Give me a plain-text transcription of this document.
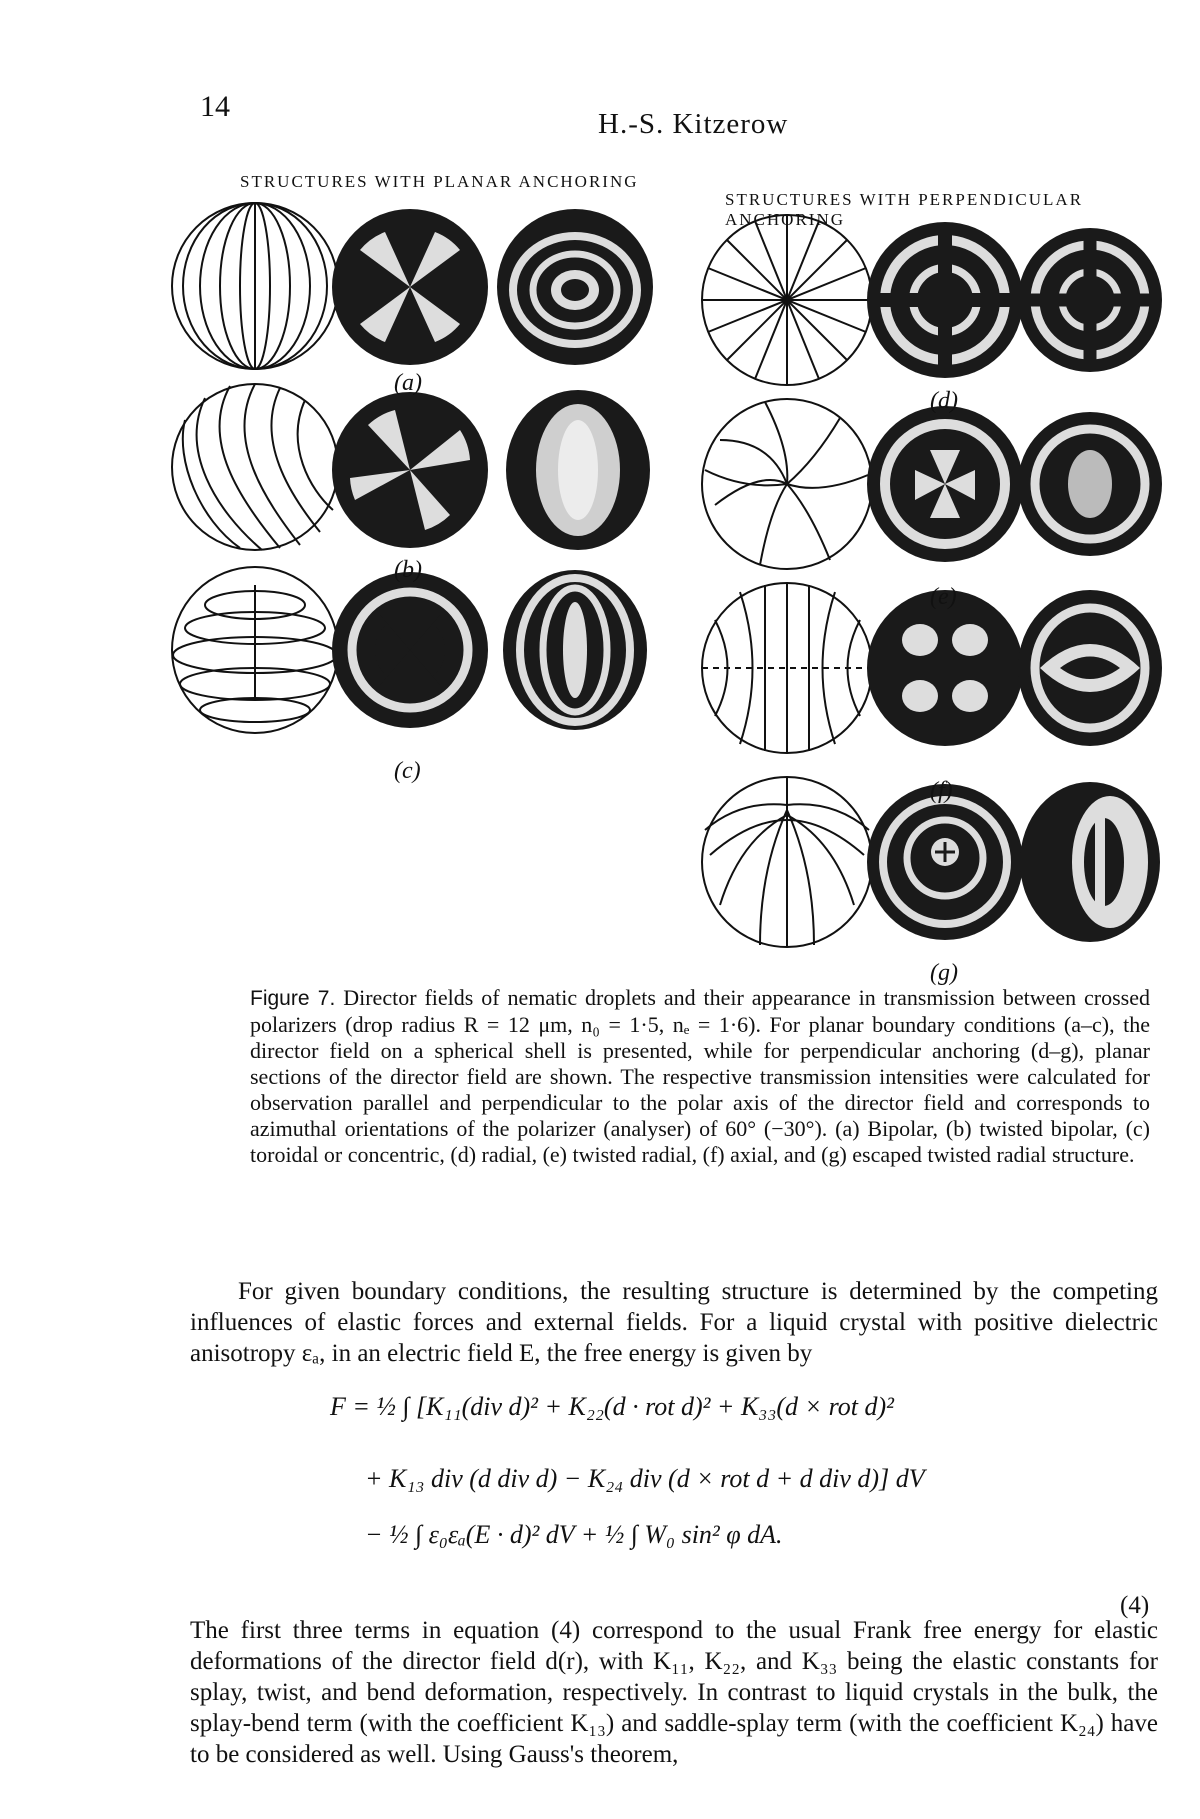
14
H.-S. Kitzerow
STRUCTURES WITH PLANAR ANCHORING
STRUCTURES WITH PERPENDICULAR ANCHORING
(a)
(b)
(c)
(d)
(e)
(f)
(g)
Figure 7. Director fields of nematic droplets and their appearance in transmission between crossed polarizers (drop radius R = 12 μm, n₀ = 1·5, nₑ = 1·6). For planar boundary conditions (a–c), the director field on a spherical shell is presented, while for perpendicular anchoring (d–g), planar sections of the director field are shown. The respective transmission intensities were calculated for observation parallel and perpendicular to the polar axis of the director field and corresponds to azimuthal orientations of the polarizer (analyser) of 60° (−30°). (a) Bipolar, (b) twisted bipolar, (c) toroidal or concentric, (d) radial, (e) twisted radial, (f) axial, and (g) escaped twisted radial structure.
For given boundary conditions, the resulting structure is determined by the competing influences of elastic forces and external fields. For a liquid crystal with positive dielectric anisotropy εₐ, in an electric field E, the free energy is given by
F = ½ ∫ [K₁₁(div d)² + K₂₂(d · rot d)² + K₃₃(d × rot d)²
+ K₁₃ div (d div d) − K₂₄ div (d × rot d + d div d)] dV
− ½ ∫ ε₀εₐ(E · d)² dV + ½ ∫ W₀ sin² φ dA.
(4)
The first three terms in equation (4) correspond to the usual Frank free energy for elastic deformations of the director field d(r), with K₁₁, K₂₂, and K₃₃ being the elastic constants for splay, twist, and bend deformation, respectively. In contrast to liquid crystals in the bulk, the splay-bend term (with the coefficient K₁₃) and saddle-splay term (with the coefficient K₂₄) have to be considered as well. Using Gauss's theorem,
